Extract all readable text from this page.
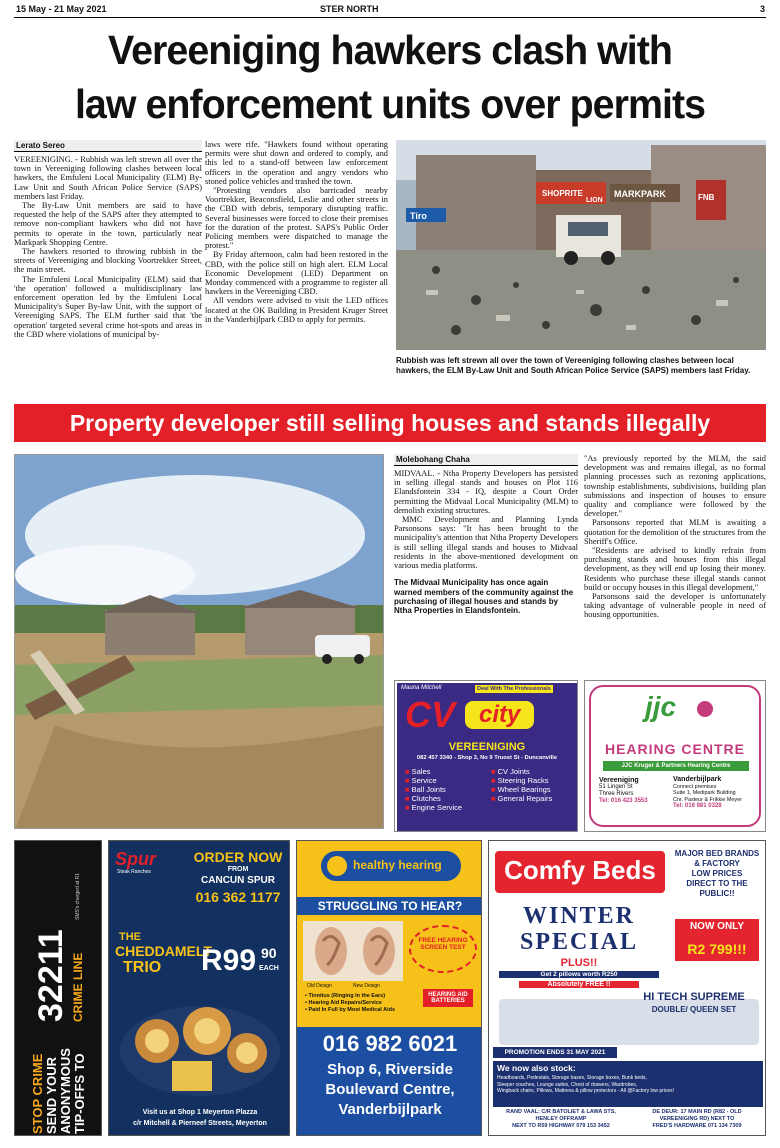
15 May - 21 May 2021	STER NORTH	3
Vereeniging hawkers clash with
law enforcement units over permits
Lerato Sereo

VEREENIGING. - Rubbish was left strewn all over the town in Vereeniging following clashes between local hawkers, the Emfuleni Local Municipality (ELM) By-Law Unit and South African Police Service (SAPS) members last Friday.

The By-Law Unit members are said to have requested the help of the SAPS after they attempted to remove non-compliant hawkers who did not have permits to operate in the town, particularly near Markpark Shopping Centre.

The hawkers resorted to throwing rubbish in the streets of Vereeniging and blocking Voortrekker Street, the main street.

The Emfuleni Local Municipality (ELM) said that 'the operation' followed a multidisciplinary law enforcement operation led by the Emfuleni Local Municipality's Super By-law Unit, with the support of Vereeniging SAPS. The ELM further said that 'the operation' targeted several crime hot-spots and areas in the CBD where violations of municipal by-

laws were rife. "Hawkers found without operating permits were shut down and ordered to comply, and this led to a stand-off between law enforcement officers in the operation and angry vendors who stoned police vehicles and trashed the town.

"Protesting vendors also barricaded nearby Voortrekker, Beaconsfield, Leslie and other streets in the CBD with debris, temporary disrupting traffic. Several businesses were forced to close their premises for the duration of the protest. SAPS's Public Order Policing members were dispatched to manage the protest."

By Friday afternoon, calm had been restored in the CBD, with the police still on high alert. ELM Local Economic Development (LED) Department on Monday commenced with a programme to register all hawkers in the Vereeniging CBD.

All vendors were advised to visit the LED offices located at the OK Building in President Kruger Street in the Vanderbijlpark CBD to apply for permits.

Tiro
SHOPRITE
LION
MARKPARK	FNB
Rubbish was left strewn all over the town of Vereeniging following clashes between local hawkers, the ELM By-Law Unit and South African Police Service (SAPS) members last Friday.
Property developer still selling houses and stands illegally
Molebohang Chaha

MIDVAAL. - Ntha Property Developers has persisted in selling illegal stands and houses on Plot 116 Elandsfontein 334 - IQ, despite a Court Order permitting the Midvaal Local Municipality (MLM) to demolish existing structures.

MMC Development and Planning Lynda Parsonsons says: "It has been brought to the municipality's attention that Ntha Property Developers is still selling illegal stands and houses to Midvaal residents in the above-mentioned development on various media platforms.

The Midvaal Municipality has once again warned members of the community against the purchasing of illegal houses and stands by Ntha Properties in Elandsfontein.

"As previously reported by the MLM, the said development was and remains illegal, as no formal planning processes such as rezoning applications, township establishments, subdivisions, building plan submissions and inspection of houses to ensure quality and compliance were followed by the developer."

Parsonsons reported that MLM is awaiting a quotation for the demolition of the structures from the Sheriff's Office.

"Residents are advised to kindly refrain from purchasing stands and houses from this illegal development, as they will end up losing their money. Residents who purchase these illegal stands cannot build or occupy houses in this illegal development,"

Parsonsons said the developer is unfortunately taking advantage of vulnerable people in need of housing opportunities.

Mauna Mitchell	Deal With The Professionals
CV city
VEREENIGING
082 457 3340 - Shop 3, No 9 Truost St - Duncanville
■ Sales
■ Service
■ Ball Joints
■ Clutches
■ Engine Service
■ CV Joints
■ Steering Racks
■ Wheel Bearings
■ General Repairs
jjc
HEARING CENTRE
JJC Kruger & Partners Hearing Centre
Vereeniging
51 Lingen St
Three Rivers
Tel: 016 423 3553
Vanderbijlpark
Connect premises
Suite 1, Medipark Building
Cnr. Pasteur & Frikkie Meyer
Tel: 016 981 0328
STOP CRIME SEND YOUR ANONYMOUS TIP-OFFS TO
32211 CRIME LINE
SMS's charged at R1
Spur
Steak Ranches
ORDER NOW
FROM
CANCUN SPUR
016 362 1177
THE
CHEDDAMELT
TRIO R99 90
EACH
Visit us at Shop 1 Meyerton Plazza
c/r Mitchell & Pierneef Streets, Meyerton
healthy hearing
STRUGGLING TO HEAR?
Old Design	New Design
FREE HEARING SCREEN TEST
HEARING AID BATTERIES
• Tinnitus (Ringing In the Ears)
• Hearing Aid Repairs/Service
• Paid In Full by Most Medical Aids
016 982 6021
Shop 6, Riverside
Boulevard Centre,
Vanderbijlpark
Comfy Beds
MAJOR BED BRANDS
& FACTORY
LOW PRICES
DIRECT TO THE
PUBLIC!!
WINTER
SPECIAL
NOW ONLY
R2 799!!!
PLUS!!
Get 2 pillows worth R250
Absolutely FREE !!
HI TECH SUPREME
DOUBLE/ QUEEN SET
PROMOTION ENDS 31 MAY 2021
We now also stock:
Headboards, Pedestals, Storage bases, Storage boxes, Bunk beds,
Sleeper couches, Lounge suites, Chest of drawers, Wardrobes,
Wingback chairs, Pillows, Mattress & pillow protectors - All @Factory low prices!
RAND VAAL: C/R BATOLIET & LAWA STS,
HENLEY OFFRAMP
NEXT TO R59 HIGHWAY 079 153 3452
DE DEUR: 17 MAIN RD (R82 - OLD
VEREENIGING RD) NEXT TO
FRED'S HARDWARE 071 134 7309
